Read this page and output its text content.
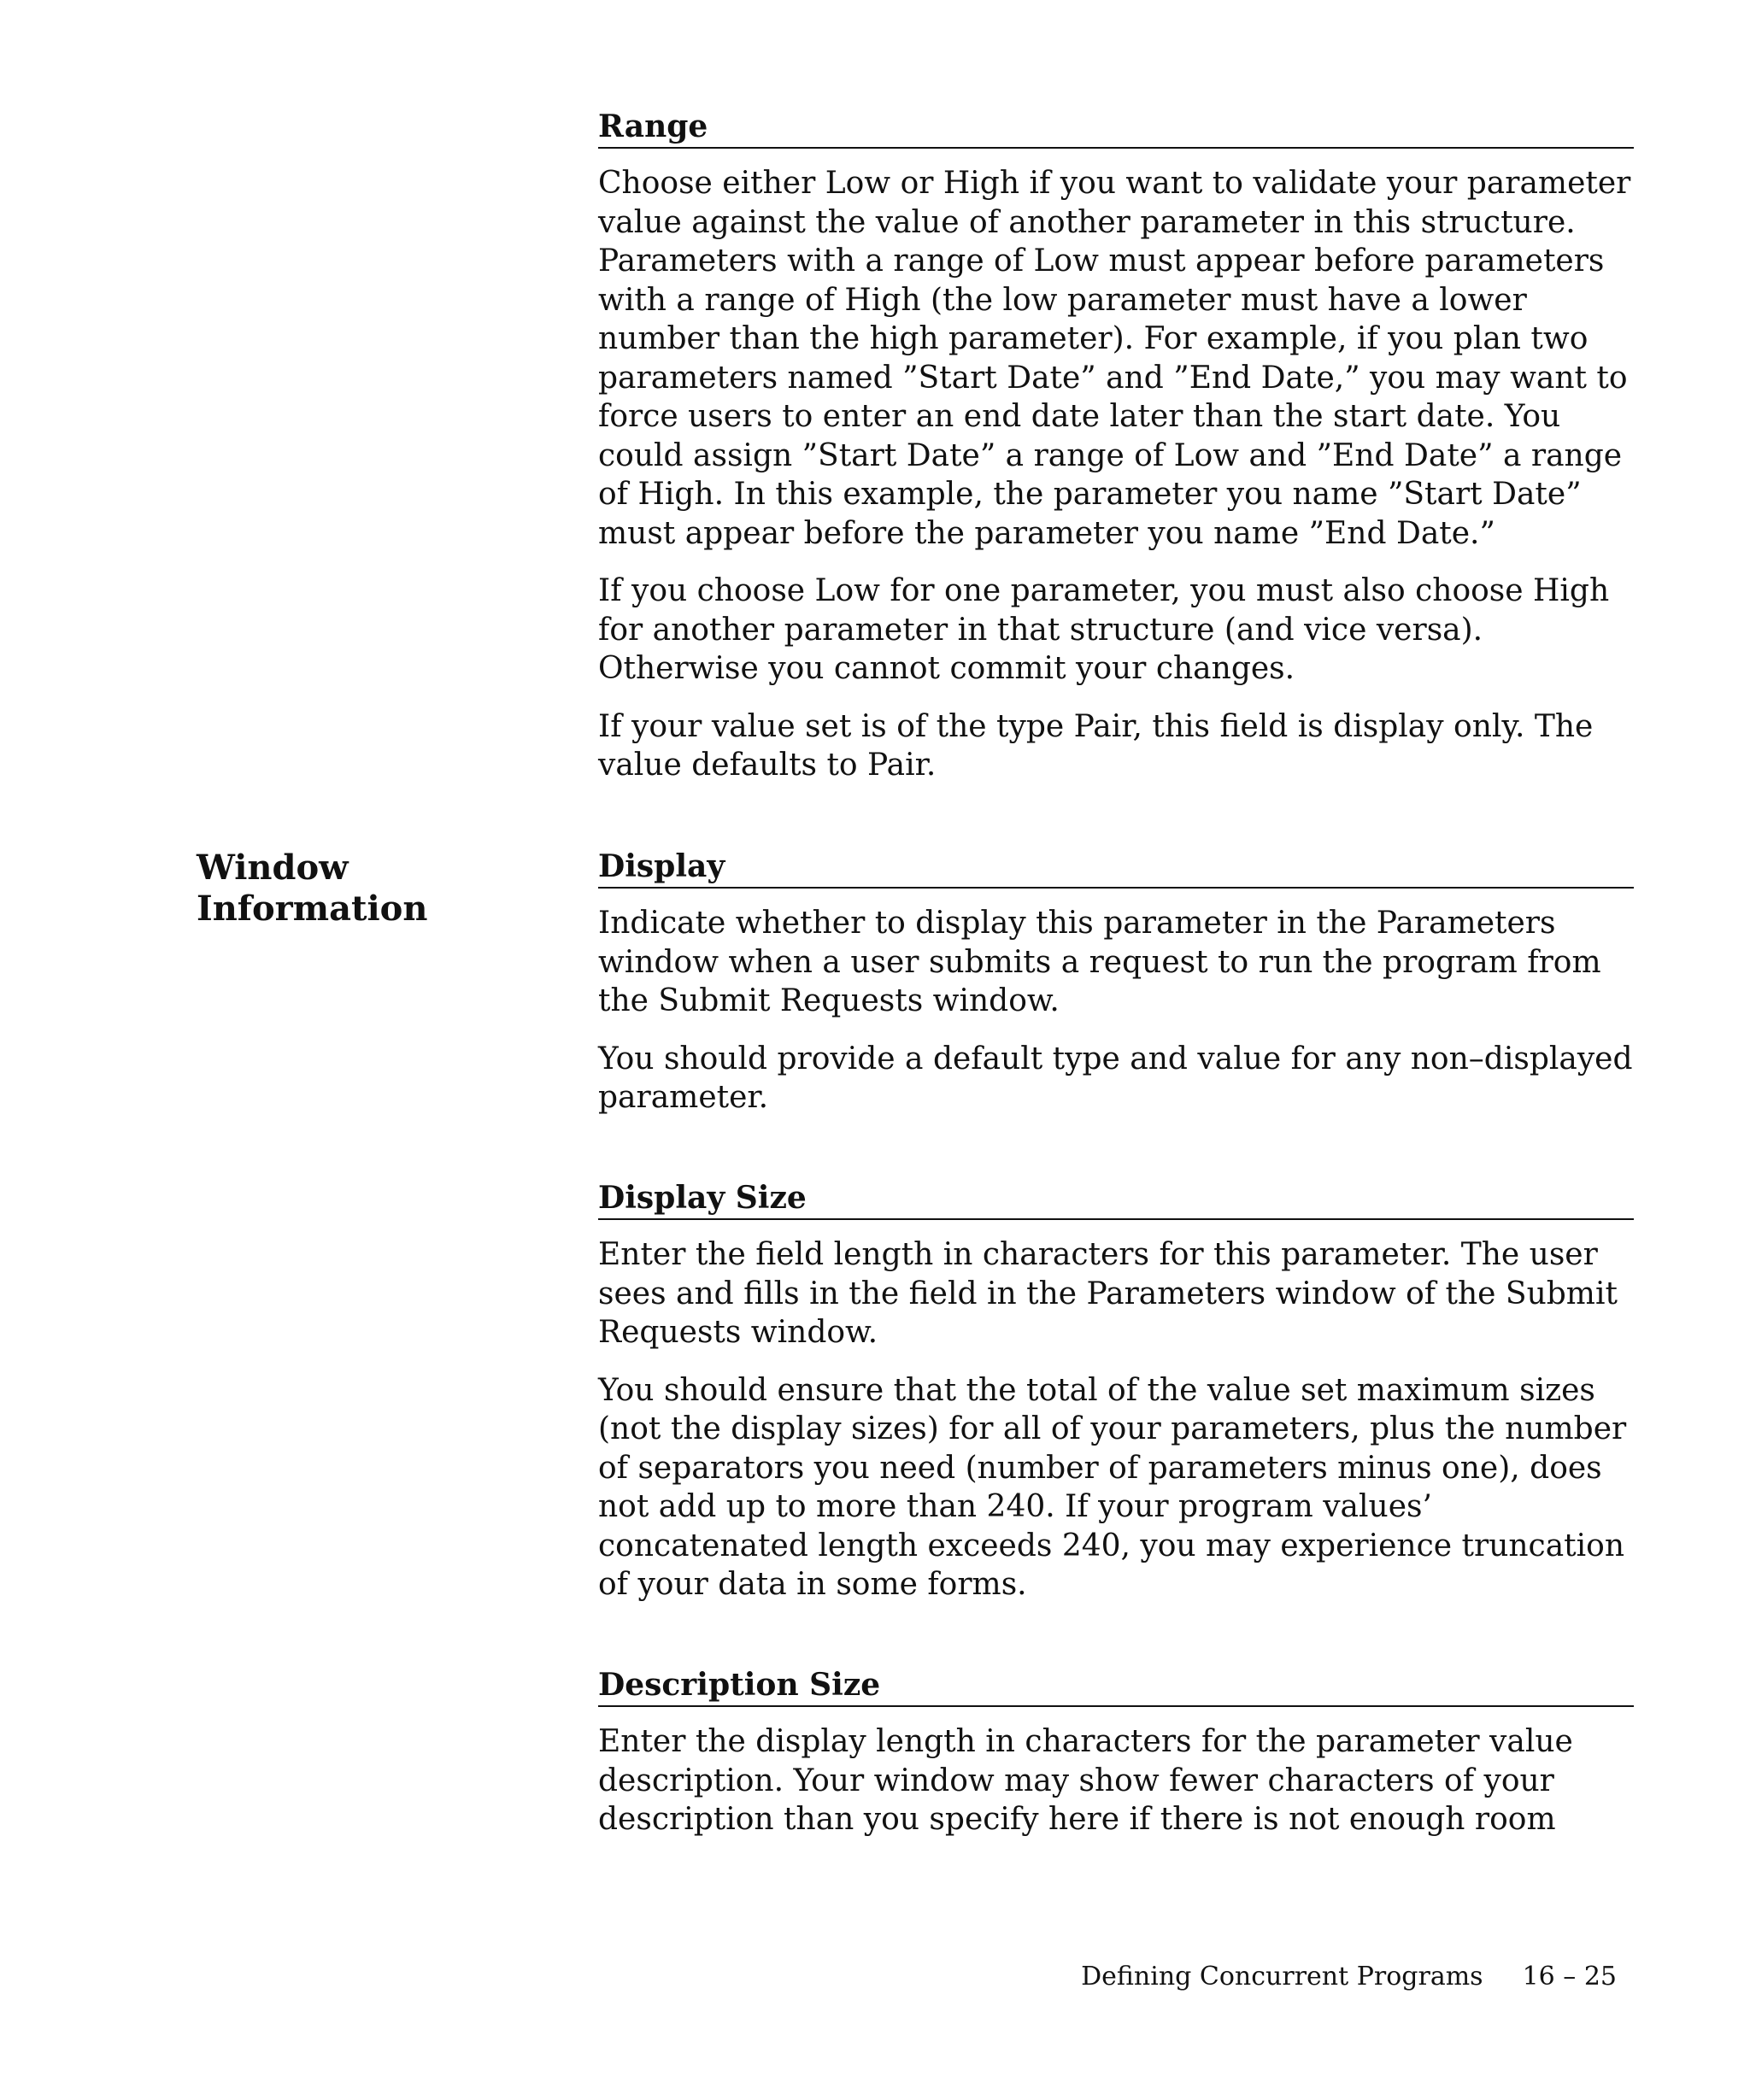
Window
Information
Range

Choose either Low or High if you want to validate your parameter value against the value of another parameter in this structure. Parameters with a range of Low must appear before parameters with a range of High (the low parameter must have a lower number than the high parameter). For example, if you plan two parameters named ”Start Date” and ”End Date,” you may want to force users to enter an end date later than the start date. You could assign ”Start Date” a range of Low and ”End Date” a range of High. In this example, the parameter you name ”Start Date” must appear before the parameter you name ”End Date.”

If you choose Low for one parameter, you must also choose High for another parameter in that structure (and vice versa). Otherwise you cannot commit your changes.

If your value set is of the type Pair, this field is display only. The value defaults to Pair.

Display

Indicate whether to display this parameter in the Parameters window when a user submits a request to run the program from the Submit Requests window.

You should provide a default type and value for any non–displayed parameter.

Display Size

Enter the field length in characters for this parameter. The user sees and fills in the field in the Parameters window of the Submit Requests window.

You should ensure that the total of the value set maximum sizes (not the display sizes) for all of your parameters, plus the number of separators you need (number of parameters minus one), does not add up to more than 240. If your program values’ concatenated length exceeds 240, you may experience truncation of your data in some forms.

Description Size

Enter the display length in characters for the parameter value description. Your window may show fewer characters of your description than you specify here if there is not enough room

Defining Concurrent Programs 16 – 25
